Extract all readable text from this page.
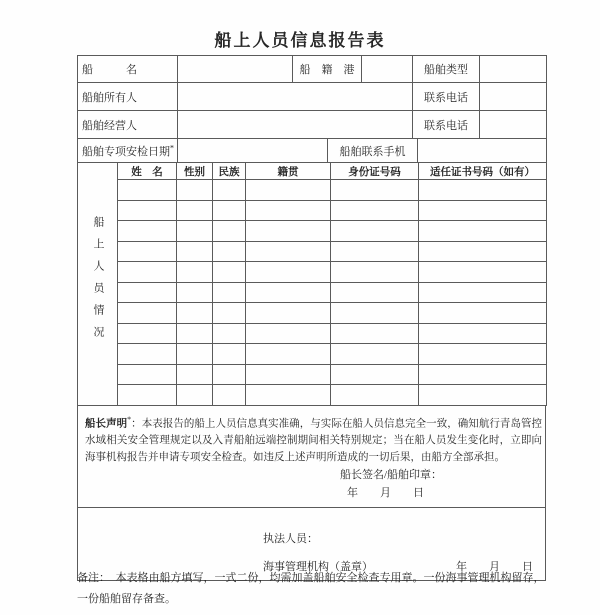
船上人员信息报告表
船　　　名		船　籍　港		船舶类型	
船舶所有人				联系电话	
船舶经营人				联系电话	
船舶专项安检日期*		船舶联系手机	
船上人员情况	姓　名	性别	民族	籍贯	身份证号码	适任证书号码（如有）

船长声明*：本表报告的船上人员信息真实准确，与实际在船人员信息完全一致，确知航行青岛管控水域相关安全管理规定以及入青船舶远端控制期间相关特别规定；当在船人员发生变化时，立即向海事机构报告并申请专项安全检查。如违反上述声明所造成的一切后果，由船方全部承担。

船长签名/船舶印章：
年　　月　　日
执法人员：
海事管理机构（盖章）	年　　月　　日
备注：　本表格由船方填写，一式二份，均需加盖船舶安全检查专用章。一份海事管理机构留存，
一份船舶留存备查。
